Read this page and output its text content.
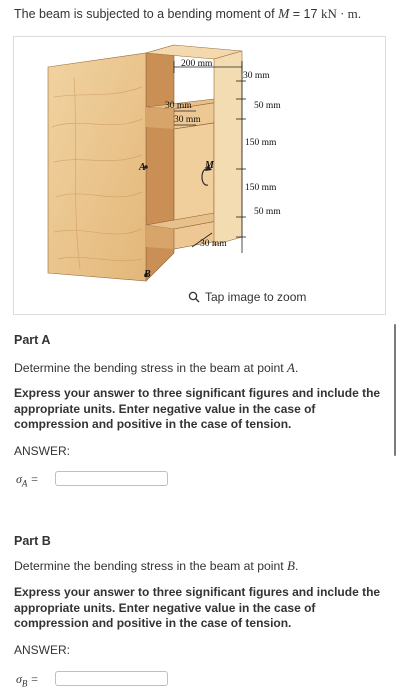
The beam is subjected to a bending moment of M = 17 kN · m.
200 mm
30 mm
50 mm
30 mm
30 mm
150 mm
150 mm
50 mm
30 mm
A
B
M
Tap image to zoom
Part A
Determine the bending stress in the beam at point A.
Express your answer to three significant figures and include the appropriate units. Enter negative value in the case of compression and positive in the case of tension.
ANSWER:
$\sigma_A$ =
Part B
Determine the bending stress in the beam at point B.
Express your answer to three significant figures and include the appropriate units. Enter negative value in the case of compression and positive in the case of tension.
ANSWER:
$\sigma_B$ =
